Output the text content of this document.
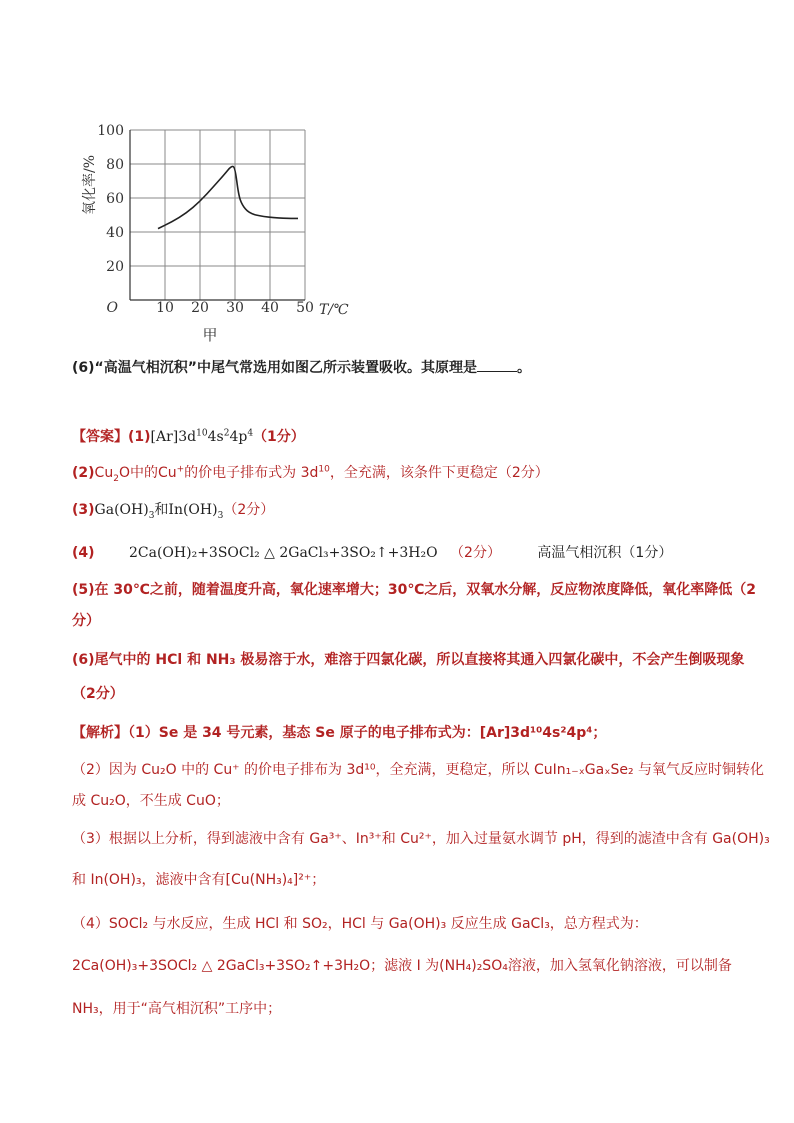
10 20 30 40 50
20
40
60
80
100
O	T/℃
氧化率/%
甲
(6)“高温气相沉积”中尾气常选用如图乙所示装置吸收。其原理是	。
【答案】$(1)[Ar]3d^{10}4s^24p^4(1$分）
$(2)Cu_2O$中的Cu+的价电子排布式为 $3d^{10}$，全充满，该条件下更稳定（2分）
$(3)Ga(OH)_3$和$In(OH)_3(2$分）
(4) 2Ca(OH)₂+3SOCl₂ △ 2GaCl₃+3SO₂↑+3H₂O （2分）	高温气相沉积（1分）
(5)在 30℃之前，随着温度升高，氧化速率增大；30℃之后，双氧水分解，反应物浓度降低，氧化率降低（2
分）
(6)尾气中的 HCl 和 NH₃ 极易溶于水，难溶于四氯化碳，所以直接将其通入四氯化碳中，不会产生倒吸现象
（2分）
【解析】（1）Se 是 34 号元素，基态 Se 原子的电子排布式为：[Ar]3d¹⁰4s²4p⁴；
（2）因为 Cu₂O 中的 Cu⁺ 的价电子排布为 3d¹⁰，全充满，更稳定，所以 CuIn₁₋ₓGaₓSe₂ 与氧气反应时铜转化
成 Cu₂O，不生成 CuO；
（3）根据以上分析，得到滤液中含有 Ga³⁺、In³⁺和 Cu²⁺，加入过量氨水调节 pH，得到的滤渣中含有 Ga(OH)₃
和 In(OH)₃，滤液中含有[Cu(NH₃)₄]²⁺；
（4）SOCl₂ 与水反应，生成 HCl 和 SO₂，HCl 与 Ga(OH)₃ 反应生成 GaCl₃，总方程式为：
2Ca(OH)₃+3SOCl₂ △ 2GaCl₃+3SO₂↑+3H₂O；滤液 I 为(NH₄)₂SO₄溶液，加入氢氧化钠溶液，可以制备
NH₃，用于“高气相沉积”工序中；
